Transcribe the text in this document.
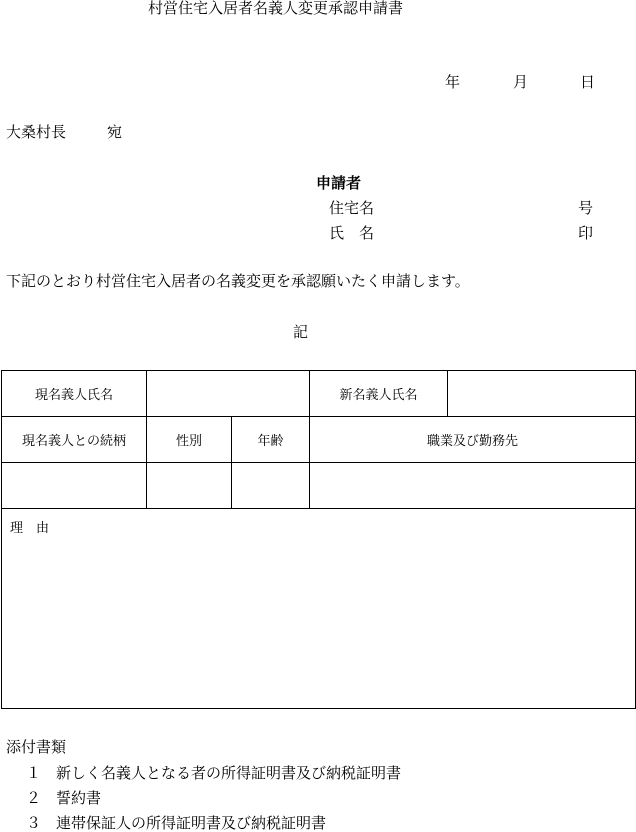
村営住宅入居者名義人変更承認申請書
年	月	日
大桑村長	宛
申請者
住宅名	号
氏　名	印
下記のとおり村営住宅入居者の名義変更を承認願いたく申請します。
記
現名義人氏名			新名義人氏名	
現名義人との続柄	性別	年齢	職業及び勤務先	

理　由				
添付書類
１ 新しく名義人となる者の所得証明書及び納税証明書
２ 誓約書
３ 連帯保証人の所得証明書及び納税証明書
